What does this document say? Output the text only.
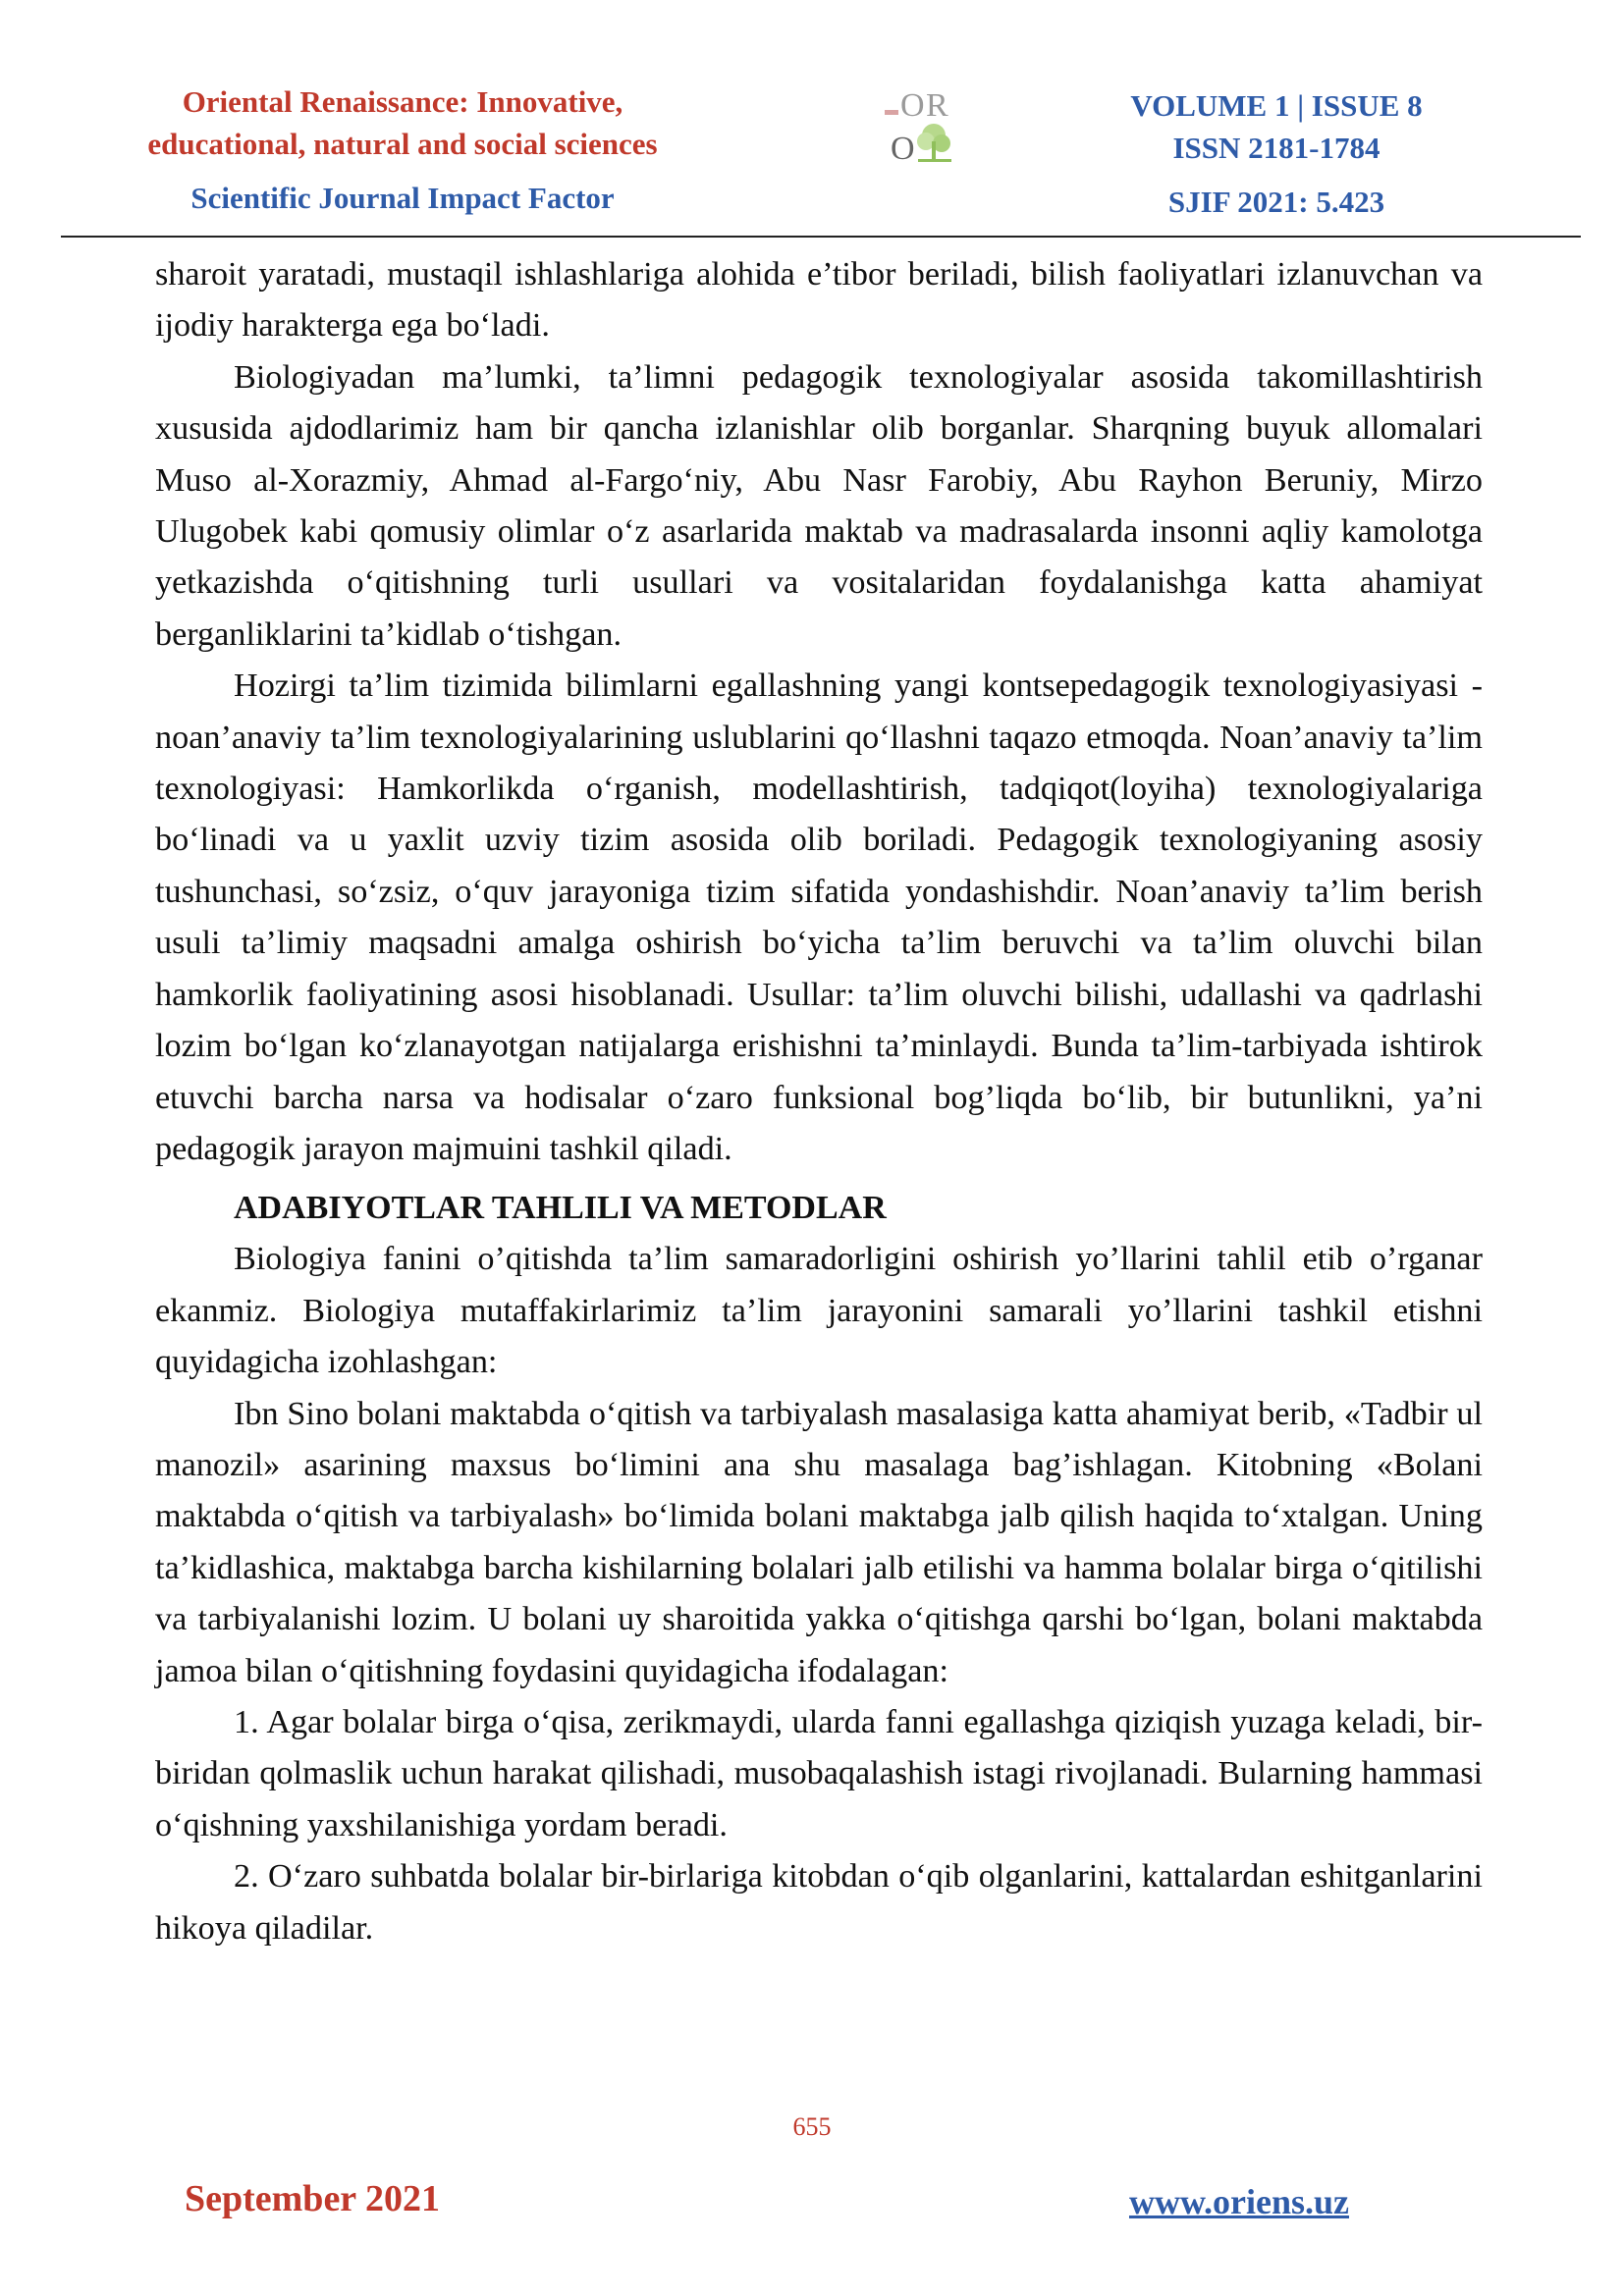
Oriental Renaissance: Innovative,
educational, natural and social sciences
Scientific Journal Impact Factor
O R
O
VOLUME 1 | ISSUE 8
ISSN 2181-1784
SJIF 2021: 5.423

sharoit yaratadi, mustaqil ishlashlariga alohida e’tibor beriladi, bilish faoliyatlari izlanuvchan va ijodiy harakterga ega bo‘ladi.

Biologiyadan ma’lumki, ta’limni pedagogik texnologiyalar asosida takomillashtirish xususida ajdodlarimiz ham bir qancha izlanishlar olib borganlar. Sharqning buyuk allomalari Muso al-Xorazmiy, Ahmad al-Fargo‘niy, Abu Nasr Farobiy, Abu Rayhon Beruniy, Mirzo Ulugobek kabi qomusiy olimlar o‘z asarlarida maktab va madrasalarda insonni aqliy kamolotga yetkazishda o‘qitishning turli usullari va vositalaridan foydalanishga katta ahamiyat berganliklarini ta’kidlab o‘tishgan.

Hozirgi ta’lim tizimida bilimlarni egallashning yangi kontsepedagogik texnologiyasiyasi - noan’anaviy ta’lim texnologiyalarining uslublarini qo‘llashni taqazo etmoqda. Noan’anaviy ta’lim texnologiyasi: Hamkorlikda o‘rganish, modellashtirish, tadqiqot(loyiha) texnologiyalariga bo‘linadi va u yaxlit uzviy tizim asosida olib boriladi. Pedagogik texnologiyaning asosiy tushunchasi, so‘zsiz, o‘quv jarayoniga tizim sifatida yondashishdir. Noan’anaviy ta’lim berish usuli ta’limiy maqsadni amalga oshirish bo‘yicha ta’lim beruvchi va ta’lim oluvchi bilan hamkorlik faoliyatining asosi hisoblanadi. Usullar: ta’lim oluvchi bilishi, udallashi va qadrlashi lozim bo‘lgan ko‘zlanayotgan natijalarga erishishni ta’minlaydi. Bunda ta’lim-tarbiyada ishtirok etuvchi barcha narsa va hodisalar o‘zaro funksional bog’liqda bo‘lib, bir butunlikni, ya’ni pedagogik jarayon majmuini tashkil qiladi.

ADABIYOTLAR TAHLILI VA METODLAR

Biologiya fanini o’qitishda ta’lim samaradorligini oshirish yo’llarini tahlil etib o’rganar ekanmiz. Biologiya mutaffakirlarimiz ta’lim jarayonini samarali yo’llarini tashkil etishni quyidagicha izohlashgan:

Ibn Sino bolani maktabda o‘qitish va tarbiyalash masalasiga katta ahamiyat berib, «Tadbir ul manozil» asarining maxsus bo‘limini ana shu masalaga bag’ishlagan. Kitobning «Bolani maktabda o‘qitish va tarbiyalash» bo‘limida bolani maktabga jalb qilish haqida to‘xtalgan. Uning ta’kidlashica, maktabga barcha kishilarning bolalari jalb etilishi va hamma bolalar birga o‘qitilishi va tarbiyalanishi lozim. U bolani uy sharoitida yakka o‘qitishga qarshi bo‘lgan, bolani maktabda jamoa bilan o‘qitishning foydasini quyidagicha ifodalagan:

1. Agar bolalar birga o‘qisa, zerikmaydi, ularda fanni egallashga qiziqish yuzaga keladi, bir-biridan qolmaslik uchun harakat qilishadi, musobaqalashish istagi rivojlanadi. Bularning hammasi o‘qishning yaxshilanishiga yordam beradi.

2. O‘zaro suhbatda bolalar bir-birlariga kitobdan o‘qib olganlarini, kattalardan eshitganlarini hikoya qiladilar.

655
September 2021	www.oriens.uz
